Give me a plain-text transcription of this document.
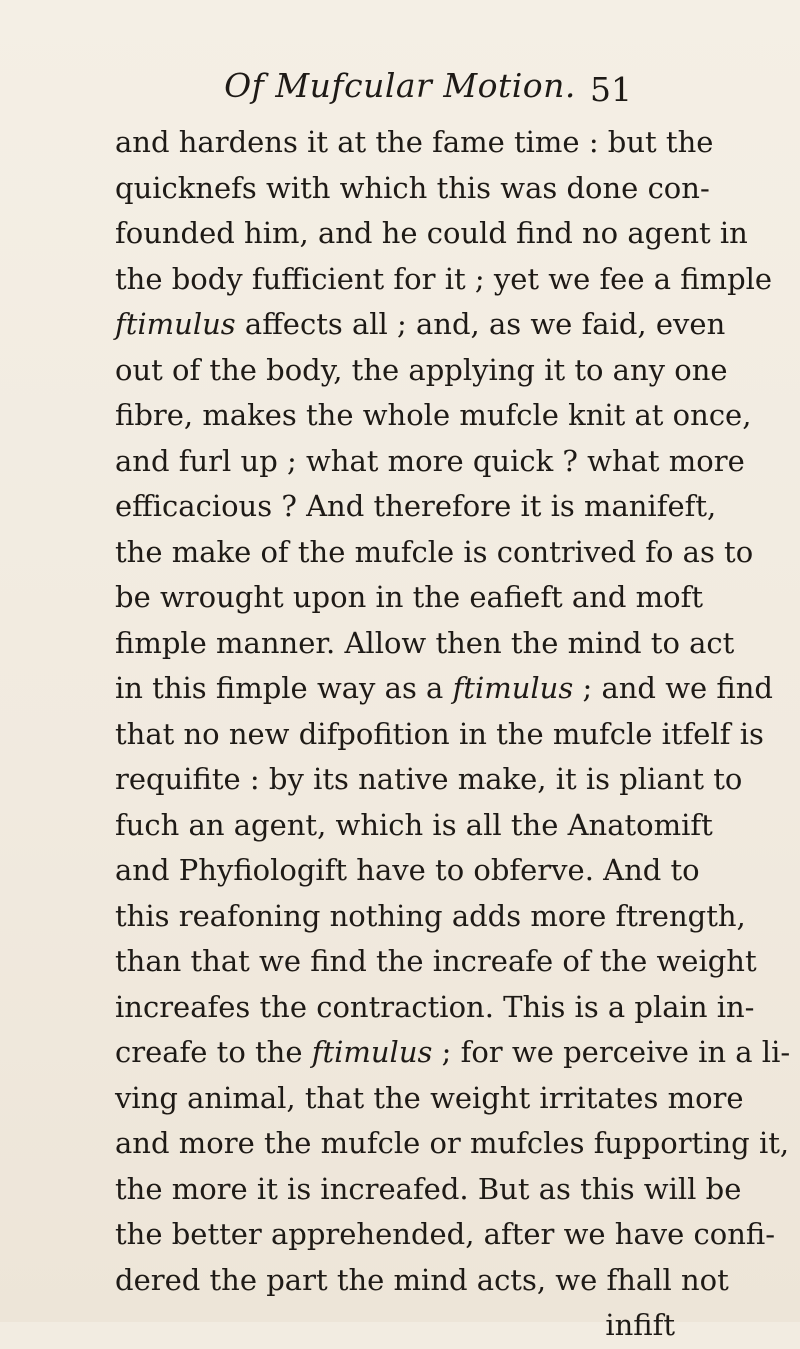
Of Mufcular Motion. 51
and hardens it at the fame time : but the
quicknefs with which this was done con-
founded him, and he could find no agent in
the body fufficient for it ; yet we fee a fimple
ftimulus affects all ; and, as we faid, even
out of the body, the applying it to any one
fibre, makes the whole mufcle knit at once,
and furl up ; what more quick ? what more
efficacious ? And therefore it is manifeft,
the make of the mufcle is contrived fo as to
be wrought upon in the eafieft and moft
fimple manner. Allow then the mind to act
in this fimple way as a ftimulus ; and we find
that no new difpofition in the mufcle itfelf is
requifite : by its native make, it is pliant to
fuch an agent, which is all the Anatomift
and Phyfiologift have to obferve. And to
this reafoning nothing adds more ftrength,
than that we find the increafe of the weight
increafes the contraction. This is a plain in-
creafe to the ftimulus ; for we perceive in a li-
ving animal, that the weight irritates more
and more the mufcle or mufcles fupporting it,
the more it is increafed. But as this will be
the better apprehended, after we have confi-
dered the part the mind acts, we fhall not
infift
